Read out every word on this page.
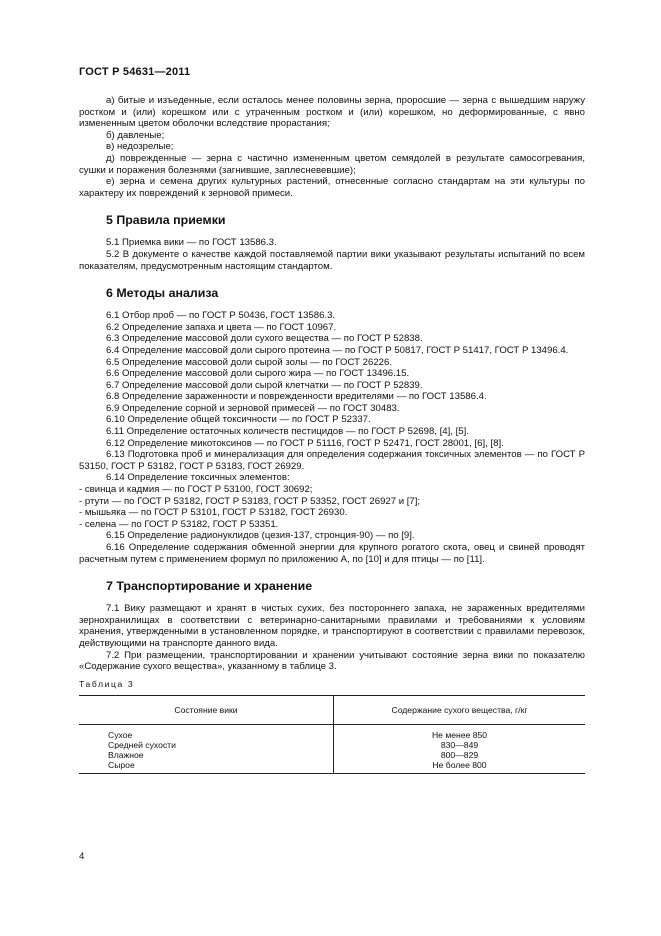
ГОСТ Р 54631—2011

а) битые и изъеденные, если осталось менее половины зерна, проросшие — зерна с вышедшим наружу ростком и (или) корешком или с утраченным ростком и (или) корешком, но деформированные, с явно измененным цветом оболочки вследствие прорастания;

б) давленые;

в) недозрелые;

д) поврежденные — зерна с частично измененным цветом семядолей в результате самосогревания, сушки и поражения болезнями (загнившие, заплесневевшие);

е) зерна и семена других культурных растений, отнесенные согласно стандартам на эти культуры по характеру их повреждений к зерновой примеси.

5 Правила приемки

5.1 Приемка вики — по ГОСТ 13586.3.

5.2 В документе о качестве каждой поставляемой партии вики указывают результаты испытаний по всем показателям, предусмотренным настоящим стандартом.

6 Методы анализа

6.1 Отбор проб — по ГОСТ Р 50436, ГОСТ 13586.3.

6.2 Определение запаха и цвета — по ГОСТ 10967.

6.3 Определение массовой доли сухого вещества — по ГОСТ Р 52838.

6.4 Определение массовой доли сырого протеина — по ГОСТ Р 50817, ГОСТ Р 51417, ГОСТ Р 13496.4.

6.5 Определение массовой доли сырой золы — по ГОСТ 26226.

6.6 Определение массовой доли сырого жира — по ГОСТ 13496.15.

6.7 Определение массовой доли сырой клетчатки — по ГОСТ Р 52839.

6.8 Определение зараженности и поврежденности вредителями — по ГОСТ 13586.4.

6.9 Определение сорной и зерновой примесей — по ГОСТ 30483.

6.10 Определение общей токсичности — по ГОСТ Р 52337.

6.11 Определение остаточных количеств пестицидов — по ГОСТ Р 52698, [4], [5].

6.12 Определение микотоксинов — по ГОСТ Р 51116, ГОСТ Р 52471, ГОСТ 28001, [6], [8].

6.13 Подготовка проб и минерализация для определения содержания токсичных элементов — по ГОСТ Р 53150, ГОСТ Р 53182, ГОСТ Р 53183, ГОСТ 26929.

6.14 Определение токсичных элементов:

- свинца и кадмия — по ГОСТ Р 53100, ГОСТ 30692;

- ртути — по ГОСТ Р 53182, ГОСТ Р 53183, ГОСТ Р 53352, ГОСТ 26927 и [7];

- мышьяка — по ГОСТ Р 53101, ГОСТ Р 53182, ГОСТ 26930.

- селена — по ГОСТ Р 53182, ГОСТ Р 53351.

6.15 Определение радионуклидов (цезия-137, стронция-90) — по [9].

6.16 Определение содержания обменной энергии для крупного рогатого скота, овец и свиней проводят расчетным путем с применением формул по приложению А, по [10] и для птицы — по [11].

7 Транспортирование и хранение

7.1 Вику размещают и хранят в чистых сухих, без постороннего запаха, не зараженных вредителями зернохранилищах в соответствии с ветеринарно-санитарными правилами и требованиями к условиям хранения, утвержденными в установленном порядке, и транспортируют в соответствии с правилами перевозок, действующими на транспорте данного вида.

7.2 При размещении, транспортировании и хранении учитывают состояние зерна вики по показателю «Содержание сухого вещества», указанному в таблице 3.

Таблица 3
Состояние вики	Содержание сухого вещества, г/кг
Сухое	Не менее 850
Средней сухости	830—849
Влажное	800—829
Сырое	Не более 800
4
